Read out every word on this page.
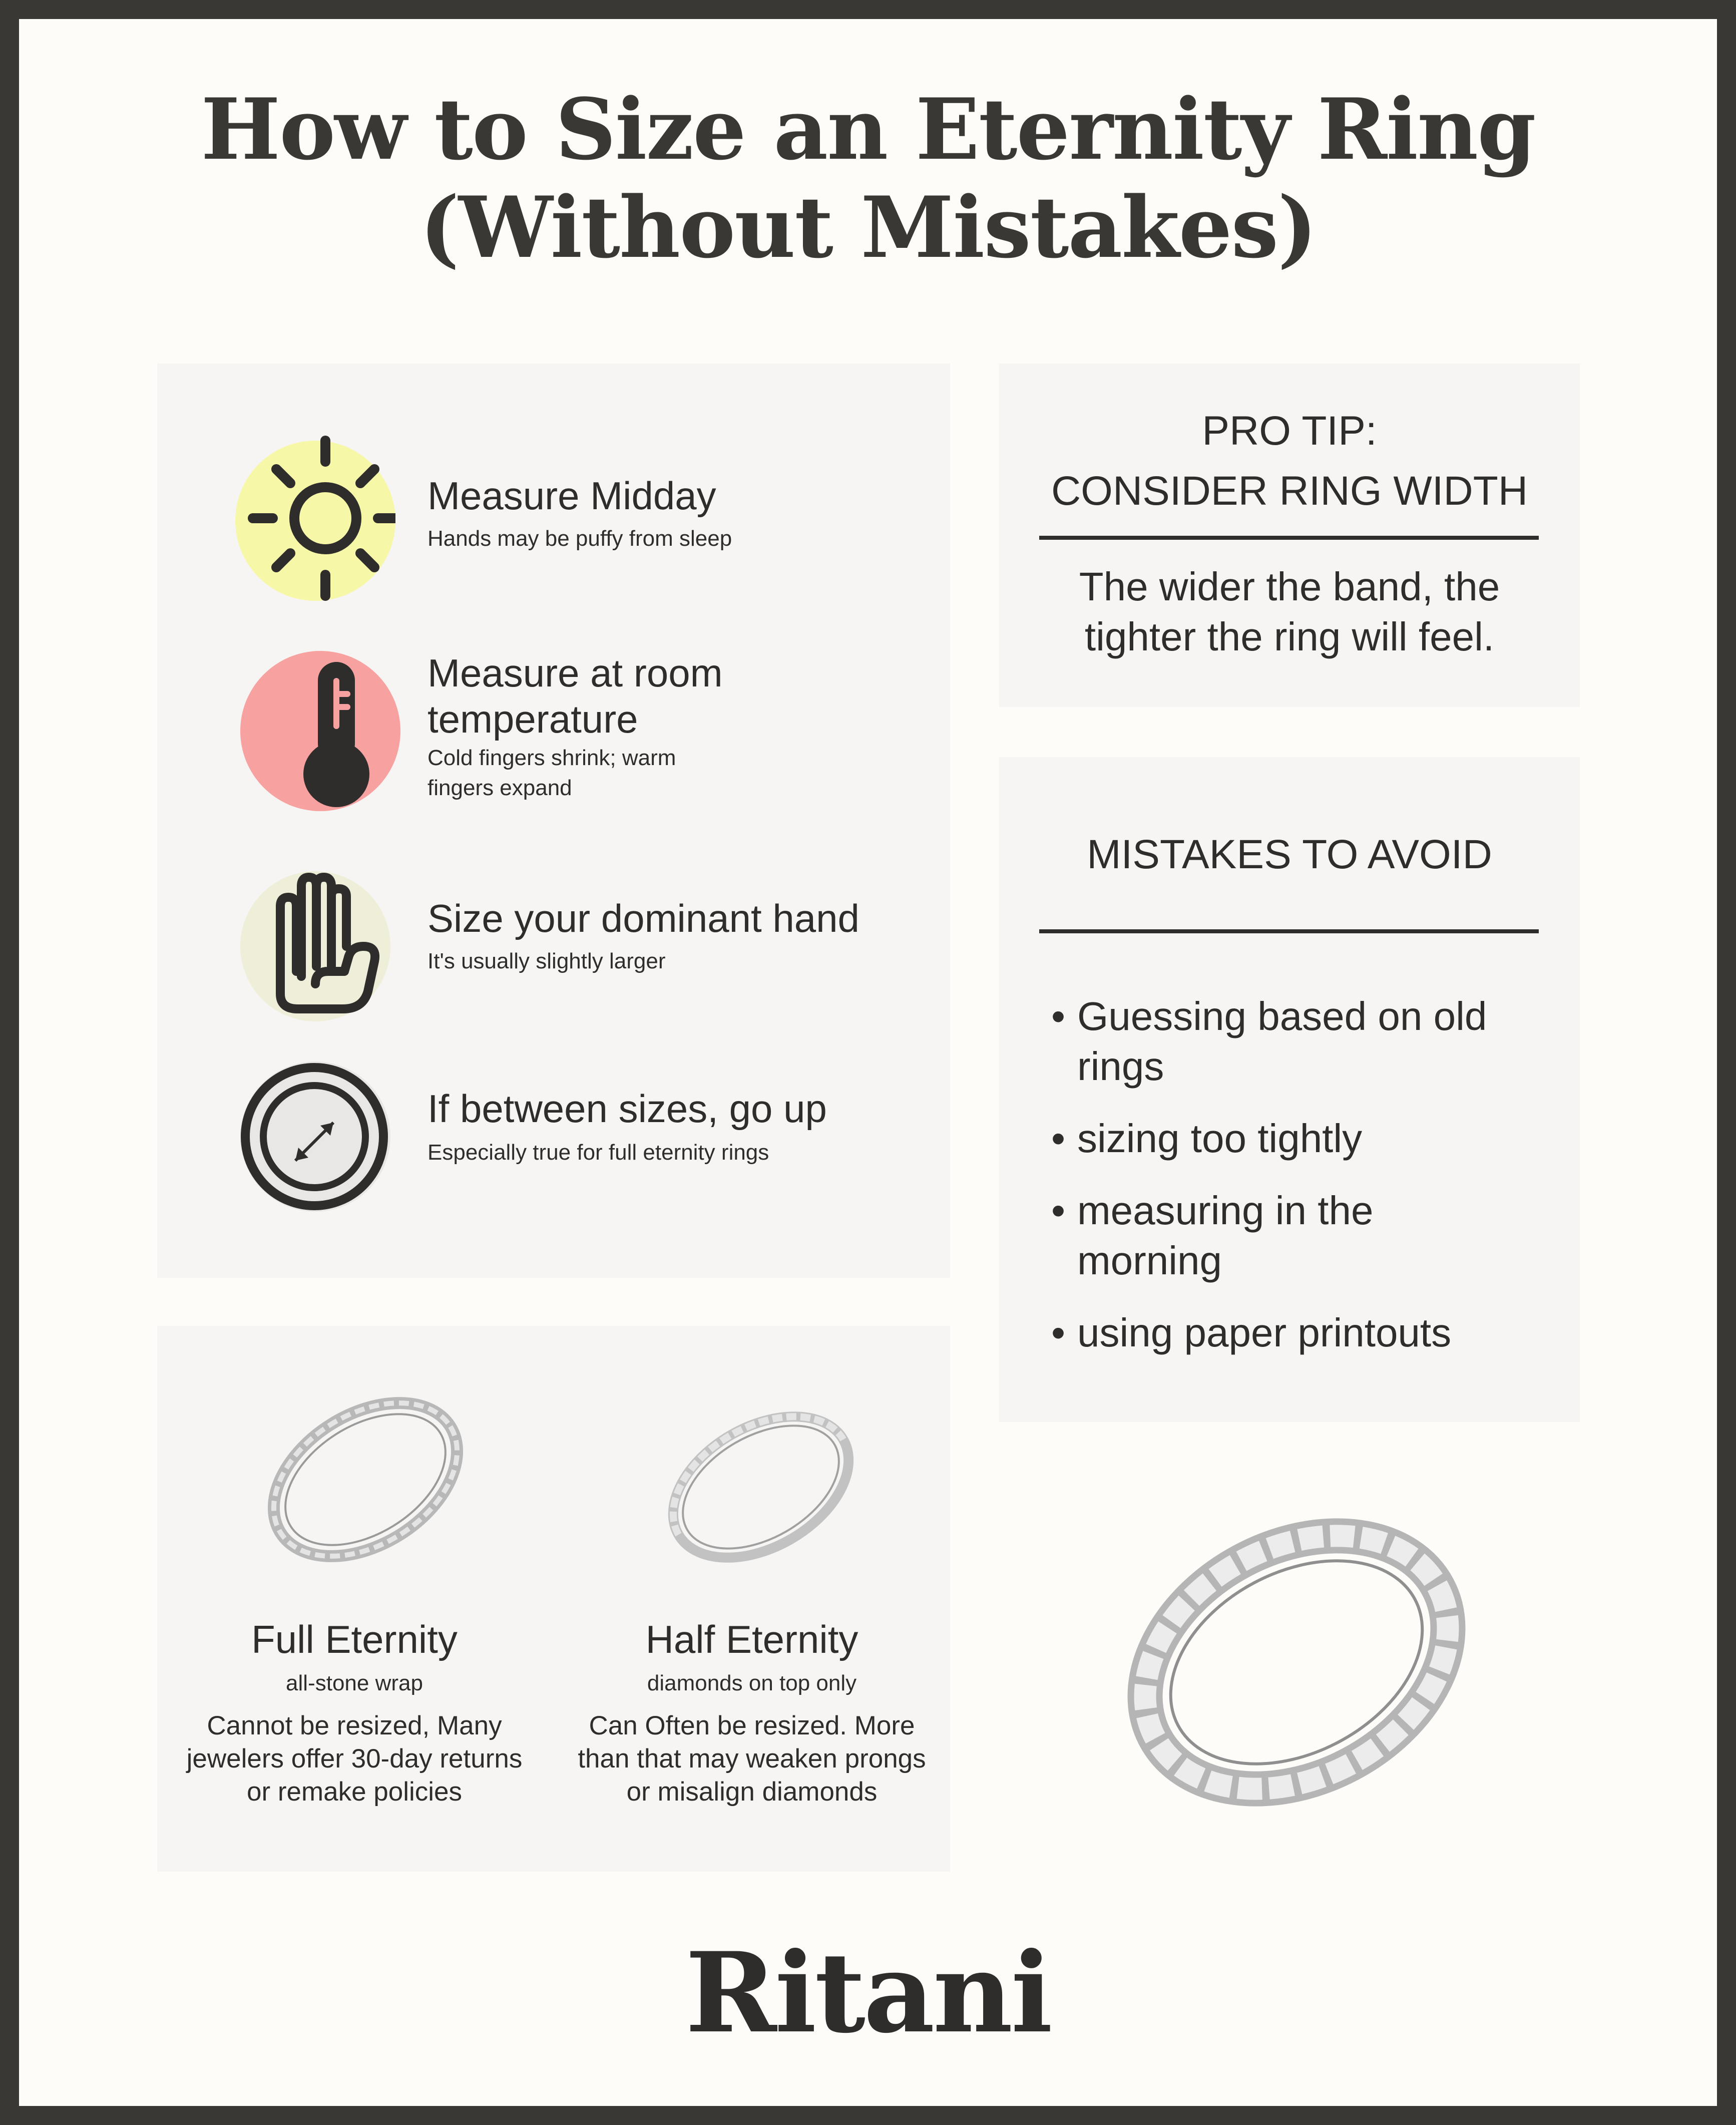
How to Size an Eternity Ring
(Without Mistakes)
Measure Midday

Hands may be puffy from sleep

Measure at room
temperature

Cold fingers shrink; warm

fingers expand

Size your dominant hand

It's usually slightly larger

If between sizes, go up

Especially true for full eternity rings

PRO TIP:
CONSIDER RING WIDTH

The wider the band, the

tighter the ring will feel.

MISTAKES TO AVOID
• Guessing based on old
rings
• sizing too tightly
• measuring in the
morning
• using paper printouts
Full Eternity

all-stone wrap

Cannot be resized, Many

jewelers offer 30-day returns

or remake policies

Half Eternity

diamonds on top only

Can Often be resized. More

than that may weaken prongs

or misalign diamonds

Ritani
